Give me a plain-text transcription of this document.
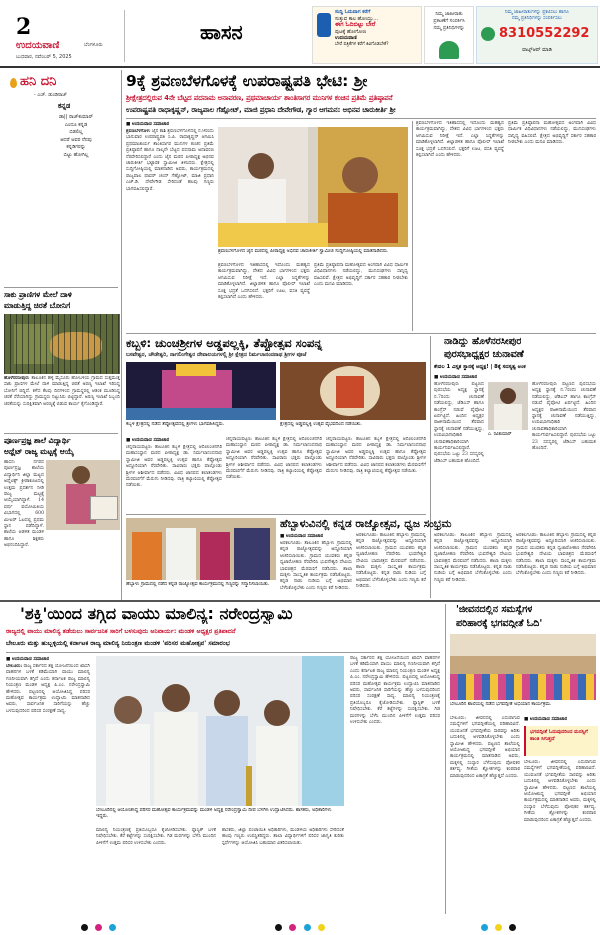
2
ಉದಯವಾಣಿ	ಬೆಂಗಳೂರು
ಬುಧವಾರ, ನವೆಂಬರ್ 5, 2025
ಹಾಸನ
ಸುದ್ದಿ ಓದುವಾಗ ಕರೆಗೆ
ಸುತ್ತುವ ಕಾಲ ಹೋಯ್ತು...
ಈಗ ಓದಿಬಿಟ್ಟು ಬೇರೆ
ಪುಟಕ್ಕೆ ಹೋಗೋಣ
ಉದಯವಾಣಿ
ಬೇರೆ ಪತ್ರಿಕೆಗಳ ಕರೆಗೆ ಕಿವಿಗೊಡಬೇಕೆ?
ನಿಮ್ಮ ಜಾಹೀರಾತು
ಪ್ರಕಟಣೆಗೆ ಸಂಪರ್ಕಿಸಿ
ನಮ್ಮ ಪ್ರತಿನಿಧಿಗಳನ್ನು
ನಿಮ್ಮ ಜಾಹೀರಾತುಗಳನ್ನು ಪ್ರಕಟಿಸಲು ಹಾಗೂ
ನಮ್ಮ ಪ್ರತಿನಿಧಿಗಳನ್ನು ಸಂಪರ್ಕಿಸಲು
8310552292
ವಾಟ್ಸ್ಆಪ್ ಮಾಡಿ
ಹನಿ ದನಿ
- ಎಚ್. ಡುಂಡಿರಾಜ್
ಕನ್ನಡ
ಡಾ|| ರಾಜ್‌ಕುಮಾರ್
ಎಂದೂ ಕನ್ನಡ
ಬಿಡಲಿಲ್ಲ
ಆದರೆ ಅವರ ನೆನಪು
ಕನ್ನಡಿಗರನ್ನು
ಬಿಟ್ಟು ಹೋಗಿಲ್ಲ
ಸಾಕು ಪ್ರಾಣಿಗಳ ಮೇಲೆ ದಾಳಿ
ಮಾಡುತ್ತಿದ್ದ ಚಿರತೆ ಬೋನಿಗೆ
ಹೊಳೆನರಸೀಪುರ: ತಾಲೂಕಿನ ಹಳ್ಳಿ ಮೈಸೂರು ಹೋಬಳಿಯ ಗ್ರಾಮದ ಸುತ್ತಮುತ್ತ ಸಾಕು ಪ್ರಾಣಿಗಳ ಮೇಲೆ ದಾಳಿ ಮಾಡುತ್ತಿದ್ದ ಚಿರತೆ ಅರಣ್ಯ ಇಲಾಖೆ ಇರಿಸಿದ್ದ ಬೋನಿಗೆ ಬಿದ್ದಿದೆ. ಕಳೆದ ಕೆಲವು ದಿನಗಳಿಂದ ಗ್ರಾಮಸ್ಥರಲ್ಲಿ ಆತಂಕ ಮೂಡಿಸಿದ್ದ ಚಿರತೆ ಸೆರೆಯಾಗಿದ್ದು ಗ್ರಾಮಸ್ಥರು ನಿಟ್ಟುಸಿರು ಬಿಟ್ಟಿದ್ದಾರೆ. ಅರಣ್ಯ ಇಲಾಖೆ ಸಿಬ್ಬಂದಿ ಚಿರತೆಯನ್ನು ಸುರಕ್ಷಿತವಾಗಿ ಅರಣ್ಯಕ್ಕೆ ಬಿಡುವ ಕಾರ್ಯ ಕೈಗೊಂಡಿದ್ದಾರೆ.
ಪೂರ್ಣಪ್ರಜ್ಞ ಶಾಲೆ ವಿದ್ಯಾರ್ಥಿ
ಅಥ್ಲೆಟ್ ರಾಜ್ಯ ಮಟ್ಟಕ್ಕೆ ಆಯ್ಕೆ
ಹಾಸನ: ನಗರದ ಪೂರ್ಣಪ್ರಜ್ಞ ಶಾಲೆಯ ವಿದ್ಯಾರ್ಥಿನಿ ಜಿಲ್ಲಾ ಮಟ್ಟದ ಅಥ್ಲೆಟಿಕ್ಸ್ ಕ್ರೀಡಾಕೂಟದಲ್ಲಿ ಉತ್ತಮ ಪ್ರದರ್ಶನ ನೀಡಿ ರಾಜ್ಯ ಮಟ್ಟಕ್ಕೆ ಆಯ್ಕೆಯಾಗಿದ್ದಾಳೆ. 14 ವರ್ಷ ವಯೋಮಿತಿಯ ವಿಭಾಗದಲ್ಲಿ 600 ಮೀಟರ್ ಓಟದಲ್ಲಿ ಪ್ರಥಮ ಸ್ಥಾನ ಪಡೆದಿದ್ದಾಳೆ. ಶಾಲೆಯ ಆಡಳಿತ ಮಂಡಳಿ ಹಾಗೂ ಶಿಕ್ಷಕರು ಅಭಿನಂದಿಸಿದ್ದಾರೆ.
9ಕ್ಕೆ ಶ್ರವಣಬೆಳಗೊಳಕ್ಕೆ ಉಪರಾಷ್ಟ್ರಪತಿ ಭೇಟಿ: ಶ್ರೀ
ಶ್ರೀಕ್ಷೇತ್ರದಲ್ಲಿರುವ 4ನೇ ಬೆಟ್ಟದ ಪದನಾಮ ಅನಾವರಣ, ಪ್ರಥಮಾಚಾರ್ಯ ಶಾಂತಿಸಾಗರ ಮುನಿಗಳ ಕಂಚಿನ ಪ್ರತಿಮೆ ಪ್ರತಿಷ್ಠಾಪನೆ
ಉಪರಾಷ್ಟ್ರಪತಿ ರಾಧಾಕೃಷ್ಣನ್, ರಾಜ್ಯಪಾಲ ಗೆಹ್ಲೋಟ್, ಮಾಜಿ ಪ್ರಧಾನಿ ದೇವೇಗೌಡ, ಗ್ಯಾರ ಆಗಮನ: ಅಭಿನವ ಚಾರುಕೀರ್ತಿ ಶ್ರೀ
■ ಉದಯವಾಣಿ ಸಮಾಚಾರ
ಶ್ರವಣಬೆಳಗೊಳ: ಜೈನ ಕಾಶಿ ಶ್ರವಣಬೆಳಗೊಳದಲ್ಲಿ ನ.9ರಂದು ಭಾನುವಾರ ಉಪರಾಷ್ಟ್ರಪತಿ ಸಿ.ಪಿ. ರಾಧಾಕೃಷ್ಣನ್ ಆಗಮಿಸಿ ಪ್ರಥಮಾಚಾರ್ಯ ಶಾಂತಿಸಾಗರ ಮುನಿಗಳ ಕಂಚಿನ ಪ್ರತಿಮೆ ಪ್ರತಿಷ್ಠಾಪನೆ ಹಾಗೂ ನಾಲ್ಕನೇ ಬೆಟ್ಟದ ಪದನಾಮ ಅನಾವರಣ ನೆರವೇರಿಸಲಿದ್ದಾರೆ ಎಂದು ಜೈನ ಮಠದ ಪೀಠಾಧ್ಯಕ್ಷ ಅಭಿನವ ಚಾರುಕೀರ್ತಿ ಭಟ್ಟಾರಕ ಸ್ವಾಮೀಜಿ ತಿಳಿಸಿದರು. ಕ್ಷೇತ್ರದಲ್ಲಿ ಸುದ್ದಿಗೋಷ್ಠಿಯಲ್ಲಿ ಮಾತನಾಡಿದ ಅವರು, ಕಾರ್ಯಕ್ರಮದಲ್ಲಿ ರಾಜ್ಯಪಾಲ ಥಾವರ್ ಚಂದ್ ಗೆಹ್ಲೋಟ್, ಮಾಜಿ ಪ್ರಧಾನಿ ಎಚ್.ಡಿ. ದೇವೇಗೌಡ ಸೇರಿದಂತೆ ಹಲವು ಗಣ್ಯರು ಭಾಗವಹಿಸಲಿದ್ದಾರೆ.
ಶ್ರವಣಬೆಳಗೊಳದ ಜೈನ ಮಠದಲ್ಲಿ ಪೀಠಾಧ್ಯಕ್ಷ ಅಭಿನವ ಚಾರುಕೀರ್ತಿ ಸ್ವಾಮೀಜಿ ಸುದ್ದಿಗೋಷ್ಠಿಯಲ್ಲಿ ಮಾತನಾಡಿದರು.
ಶ್ರವಣಬೆಳಗೊಳದ ಇತಿಹಾಸದಲ್ಲಿ ಇದೊಂದು ಮಹತ್ವದ ಕಾರ್ಯಕ್ರಮವಾಗಿದ್ದು, ದೇಶದ ವಿವಿಧ ಭಾಗಗಳಿಂದ ಭಕ್ತರು ಆಗಮಿಸುವ ನಿರೀಕ್ಷೆ ಇದೆ. ಎಲ್ಲಾ ಸಿದ್ಧತೆಗಳನ್ನು ಮಾಡಿಕೊಳ್ಳಲಾಗಿದೆ. ಜಿಲ್ಲಾಡಳಿತ ಹಾಗೂ ಪೊಲೀಸ್ ಇಲಾಖೆ ಸೂಕ್ತ ಭದ್ರತೆ ಒದಗಿಸಲಿದೆ. ಭಕ್ತರಿಗೆ ಊಟ, ವಸತಿ ವ್ಯವಸ್ಥೆ ಕಲ್ಪಿಸಲಾಗಿದೆ ಎಂದು ಹೇಳಿದರು.
ಪ್ರತಿಮೆ ಪ್ರತಿಷ್ಠಾಪನಾ ಮಹೋತ್ಸವದ ಅಂಗವಾಗಿ ವಿವಿಧ ಧಾರ್ಮಿಕ ವಿಧಿವಿಧಾನಗಳು ನಡೆಯಲಿದ್ದು, ಮುನಿಸಂಘಗಳು ಸಾನ್ನಿಧ್ಯ ವಹಿಸಲಿವೆ. ಕ್ಷೇತ್ರದ ಅಭಿವೃದ್ಧಿಗೆ ಸರ್ಕಾರ ಸಹಕಾರ ನೀಡಬೇಕು ಎಂದು ಮನವಿ ಮಾಡಿದರು.
ಶ್ರವಣಬೆಳಗೊಳದ ಇತಿಹಾಸದಲ್ಲಿ ಇದೊಂದು ಮಹತ್ವದ ಕಾರ್ಯಕ್ರಮವಾಗಿದ್ದು, ದೇಶದ ವಿವಿಧ ಭಾಗಗಳಿಂದ ಭಕ್ತರು ಆಗಮಿಸುವ ನಿರೀಕ್ಷೆ ಇದೆ. ಎಲ್ಲಾ ಸಿದ್ಧತೆಗಳನ್ನು ಮಾಡಿಕೊಳ್ಳಲಾಗಿದೆ. ಜಿಲ್ಲಾಡಳಿತ ಹಾಗೂ ಪೊಲೀಸ್ ಇಲಾಖೆ ಸೂಕ್ತ ಭದ್ರತೆ ಒದಗಿಸಲಿದೆ. ಭಕ್ತರಿಗೆ ಊಟ, ವಸತಿ ವ್ಯವಸ್ಥೆ ಕಲ್ಪಿಸಲಾಗಿದೆ ಎಂದು ಹೇಳಿದರು.
ಪ್ರತಿಮೆ ಪ್ರತಿಷ್ಠಾಪನಾ ಮಹೋತ್ಸವದ ಅಂಗವಾಗಿ ವಿವಿಧ ಧಾರ್ಮಿಕ ವಿಧಿವಿಧಾನಗಳು ನಡೆಯಲಿದ್ದು, ಮುನಿಸಂಘಗಳು ಸಾನ್ನಿಧ್ಯ ವಹಿಸಲಿವೆ. ಕ್ಷೇತ್ರದ ಅಭಿವೃದ್ಧಿಗೆ ಸರ್ಕಾರ ಸಹಕಾರ ನೀಡಬೇಕು ಎಂದು ಮನವಿ ಮಾಡಿದರು.
ಕಬ್ಬಳಿ: ಚುಂಚಶ್ರೀಗಳ ಅಡ್ಡಪಲ್ಲಕ್ಕಿ, ತೆಪ್ಪೋತ್ಸವ ಸಂಪನ್ನ
ಬಸವೇಶ್ವರ, ಚೌಡೇಶ್ವರಿ, ನಾಗಲಿಂಗೇಶ್ವರ ದೇವಾಲಯಗಳಲ್ಲಿ ಶ್ರೀ ಕ್ಷೇತ್ರದ ನಿರ್ಮಲಾನಂದನಾಥ ಶ್ರೀಗಳ ಪೂಜೆ
ಕಬ್ಬಳಿ ಕ್ಷೇತ್ರದಲ್ಲಿ ನಡೆದ ತೆಪ್ಪೋತ್ಸವದಲ್ಲಿ ಶ್ರೀಗಳು ಭಾಗವಹಿಸಿದ್ದರು.	ಕ್ಷೇತ್ರದಲ್ಲಿ ಅಡ್ಡಪಲ್ಲಕ್ಕಿ ಉತ್ಸವ ವೈಭವದಿಂದ ನಡೆಯಿತು.
■ ಉದಯವಾಣಿ ಸಮಾಚಾರ
ಚನ್ನರಾಯಪಟ್ಟಣ: ತಾಲೂಕಿನ ಕಬ್ಬಳಿ ಕ್ಷೇತ್ರದಲ್ಲಿ ಆದಿಚುಂಚನಗಿರಿ ಮಹಾಸಂಸ್ಥಾನ ಮಠದ ಪೀಠಾಧ್ಯಕ್ಷ ಡಾ. ನಿರ್ಮಲಾನಂದನಾಥ ಸ್ವಾಮೀಜಿ ಅವರ ಅಡ್ಡಪಲ್ಲಕ್ಕಿ ಉತ್ಸವ ಹಾಗೂ ತೆಪ್ಪೋತ್ಸವ ಅದ್ಧೂರಿಯಾಗಿ ನೆರವೇರಿತು. ಸಾವಿರಾರು ಭಕ್ತರು ಪಾಲ್ಗೊಂಡು ಶ್ರೀಗಳ ಆಶೀರ್ವಾದ ಪಡೆದರು. ವಿವಿಧ ಜಾನಪದ ಕಲಾತಂಡಗಳು ಮೆರವಣಿಗೆಗೆ ಮೆರುಗು ನೀಡಿದವು. ರಾತ್ರಿ ಕಲ್ಯಾಣಿಯಲ್ಲಿ ತೆಪ್ಪೋತ್ಸವ ನಡೆಯಿತು.
ಚನ್ನರಾಯಪಟ್ಟಣ: ತಾಲೂಕಿನ ಕಬ್ಬಳಿ ಕ್ಷೇತ್ರದಲ್ಲಿ ಆದಿಚುಂಚನಗಿರಿ ಮಹಾಸಂಸ್ಥಾನ ಮಠದ ಪೀಠಾಧ್ಯಕ್ಷ ಡಾ. ನಿರ್ಮಲಾನಂದನಾಥ ಸ್ವಾಮೀಜಿ ಅವರ ಅಡ್ಡಪಲ್ಲಕ್ಕಿ ಉತ್ಸವ ಹಾಗೂ ತೆಪ್ಪೋತ್ಸವ ಅದ್ಧೂರಿಯಾಗಿ ನೆರವೇರಿತು. ಸಾವಿರಾರು ಭಕ್ತರು ಪಾಲ್ಗೊಂಡು ಶ್ರೀಗಳ ಆಶೀರ್ವಾದ ಪಡೆದರು. ವಿವಿಧ ಜಾನಪದ ಕಲಾತಂಡಗಳು ಮೆರವಣಿಗೆಗೆ ಮೆರುಗು ನೀಡಿದವು. ರಾತ್ರಿ ಕಲ್ಯಾಣಿಯಲ್ಲಿ ತೆಪ್ಪೋತ್ಸವ ನಡೆಯಿತು.
ಚನ್ನರಾಯಪಟ್ಟಣ: ತಾಲೂಕಿನ ಕಬ್ಬಳಿ ಕ್ಷೇತ್ರದಲ್ಲಿ ಆದಿಚುಂಚನಗಿರಿ ಮಹಾಸಂಸ್ಥಾನ ಮಠದ ಪೀಠಾಧ್ಯಕ್ಷ ಡಾ. ನಿರ್ಮಲಾನಂದನಾಥ ಸ್ವಾಮೀಜಿ ಅವರ ಅಡ್ಡಪಲ್ಲಕ್ಕಿ ಉತ್ಸವ ಹಾಗೂ ತೆಪ್ಪೋತ್ಸವ ಅದ್ಧೂರಿಯಾಗಿ ನೆರವೇರಿತು. ಸಾವಿರಾರು ಭಕ್ತರು ಪಾಲ್ಗೊಂಡು ಶ್ರೀಗಳ ಆಶೀರ್ವಾದ ಪಡೆದರು. ವಿವಿಧ ಜಾನಪದ ಕಲಾತಂಡಗಳು ಮೆರವಣಿಗೆಗೆ ಮೆರುಗು ನೀಡಿದವು. ರಾತ್ರಿ ಕಲ್ಯಾಣಿಯಲ್ಲಿ ತೆಪ್ಪೋತ್ಸವ ನಡೆಯಿತು.
ನಾಡಿದ್ದು ಹೊಳೆನರಸೀಪುರ
ಪುರಸಭಾಧ್ಯಕ್ಷರ ಚುನಾವಣೆ
ಕೇವಲ 1 ವಿಸ್ತೃತ ಸ್ಥಾನಕ್ಕೆ ಅಧ್ಯಕ್ಷ! | 8ಕ್ಕೆ ಸದಸ್ಯತ್ವ ಅಂಕ
■ ಉದಯವಾಣಿ ಸಮಾಚಾರ
ಹೊಳೆನರಸೀಪುರ: ಪಟ್ಟಣದ ಪುರಸಭೆಯ ಅಧ್ಯಕ್ಷ ಸ್ಥಾನಕ್ಕೆ ನ.7ರಂದು ಚುನಾವಣೆ ನಡೆಯಲಿದ್ದು, ಜೆಡಿಎಸ್ ಹಾಗೂ ಕಾಂಗ್ರೆಸ್ ನಡುವೆ ಪೈಪೋಟಿ ಏರ್ಪಟ್ಟಿದೆ. ಹಿಂದಿನ ಅಧ್ಯಕ್ಷರ ರಾಜೀನಾಮೆಯಿಂದ ತೆರವಾದ ಸ್ಥಾನಕ್ಕೆ ಚುನಾವಣೆ ನಡೆಯುತ್ತಿದ್ದು, ಉಪವಿಭಾಗಾಧಿಕಾರಿ ಚುನಾವಣಾಧಿಕಾರಿಯಾಗಿ ಕಾರ್ಯನಿರ್ವಹಿಸಲಿದ್ದಾರೆ. ಪುರಸಭೆಯ ಒಟ್ಟು 23 ಸದಸ್ಯರಲ್ಲಿ ಜೆಡಿಎಸ್ ಬಹುಮತ ಹೊಂದಿದೆ.
ಎ. ರವಿಕುಮಾರ್
ಹೊಳೆನರಸೀಪುರ: ಪಟ್ಟಣದ ಪುರಸಭೆಯ ಅಧ್ಯಕ್ಷ ಸ್ಥಾನಕ್ಕೆ ನ.7ರಂದು ಚುನಾವಣೆ ನಡೆಯಲಿದ್ದು, ಜೆಡಿಎಸ್ ಹಾಗೂ ಕಾಂಗ್ರೆಸ್ ನಡುವೆ ಪೈಪೋಟಿ ಏರ್ಪಟ್ಟಿದೆ. ಹಿಂದಿನ ಅಧ್ಯಕ್ಷರ ರಾಜೀನಾಮೆಯಿಂದ ತೆರವಾದ ಸ್ಥಾನಕ್ಕೆ ಚುನಾವಣೆ ನಡೆಯುತ್ತಿದ್ದು, ಉಪವಿಭಾಗಾಧಿಕಾರಿ ಚುನಾವಣಾಧಿಕಾರಿಯಾಗಿ ಕಾರ್ಯನಿರ್ವಹಿಸಲಿದ್ದಾರೆ. ಪುರಸಭೆಯ ಒಟ್ಟು 23 ಸದಸ್ಯರಲ್ಲಿ ಜೆಡಿಎಸ್ ಬಹುಮತ ಹೊಂದಿದೆ.
ಹೆಬ್ಬಾಳುವಿನಲ್ಲಿ ಕನ್ನಡ ರಾಜ್ಯೋತ್ಸವ, ಧ್ವಜ ಸಂಭ್ರಮ
ಹೆಬ್ಬಾಳು ಗ್ರಾಮದಲ್ಲಿ ನಡೆದ ಕನ್ನಡ ರಾಜ್ಯೋತ್ಸವ ಕಾರ್ಯಕ್ರಮದಲ್ಲಿ ಗಣ್ಯರನ್ನು ಸನ್ಮಾನಿಸಲಾಯಿತು.
■ ಉದಯವಾಣಿ ಸಮಾಚಾರ
ಅರಕಲಗೂಡು: ತಾಲೂಕಿನ ಹೆಬ್ಬಾಳು ಗ್ರಾಮದಲ್ಲಿ ಕನ್ನಡ ರಾಜ್ಯೋತ್ಸವವನ್ನು ಅದ್ಧೂರಿಯಾಗಿ ಆಚರಿಸಲಾಯಿತು. ಗ್ರಾಮದ ಯುವಕರು ಕನ್ನಡ ಧ್ವಜಾರೋಹಣ ನೆರವೇರಿಸಿ ಭುವನೇಶ್ವರಿ ದೇವಿಯ ಭಾವಚಿತ್ರದ ಮೆರವಣಿಗೆ ನಡೆಸಿದರು. ಶಾಲಾ ಮಕ್ಕಳು ಸಾಂಸ್ಕೃತಿಕ ಕಾರ್ಯಕ್ರಮ ನಡೆಸಿಕೊಟ್ಟರು. ಕನ್ನಡ ನಾಡು ನುಡಿಯ ಬಗ್ಗೆ ಅಭಿಮಾನ ಬೆಳೆಸಿಕೊಳ್ಳಬೇಕು ಎಂದು ಗಣ್ಯರು ಕರೆ ನೀಡಿದರು.
ಅರಕಲಗೂಡು: ತಾಲೂಕಿನ ಹೆಬ್ಬಾಳು ಗ್ರಾಮದಲ್ಲಿ ಕನ್ನಡ ರಾಜ್ಯೋತ್ಸವವನ್ನು ಅದ್ಧೂರಿಯಾಗಿ ಆಚರಿಸಲಾಯಿತು. ಗ್ರಾಮದ ಯುವಕರು ಕನ್ನಡ ಧ್ವಜಾರೋಹಣ ನೆರವೇರಿಸಿ ಭುವನೇಶ್ವರಿ ದೇವಿಯ ಭಾವಚಿತ್ರದ ಮೆರವಣಿಗೆ ನಡೆಸಿದರು. ಶಾಲಾ ಮಕ್ಕಳು ಸಾಂಸ್ಕೃತಿಕ ಕಾರ್ಯಕ್ರಮ ನಡೆಸಿಕೊಟ್ಟರು. ಕನ್ನಡ ನಾಡು ನುಡಿಯ ಬಗ್ಗೆ ಅಭಿಮಾನ ಬೆಳೆಸಿಕೊಳ್ಳಬೇಕು ಎಂದು ಗಣ್ಯರು ಕರೆ ನೀಡಿದರು.
ಅರಕಲಗೂಡು: ತಾಲೂಕಿನ ಹೆಬ್ಬಾಳು ಗ್ರಾಮದಲ್ಲಿ ಕನ್ನಡ ರಾಜ್ಯೋತ್ಸವವನ್ನು ಅದ್ಧೂರಿಯಾಗಿ ಆಚರಿಸಲಾಯಿತು. ಗ್ರಾಮದ ಯುವಕರು ಕನ್ನಡ ಧ್ವಜಾರೋಹಣ ನೆರವೇರಿಸಿ ಭುವನೇಶ್ವರಿ ದೇವಿಯ ಭಾವಚಿತ್ರದ ಮೆರವಣಿಗೆ ನಡೆಸಿದರು. ಶಾಲಾ ಮಕ್ಕಳು ಸಾಂಸ್ಕೃತಿಕ ಕಾರ್ಯಕ್ರಮ ನಡೆಸಿಕೊಟ್ಟರು. ಕನ್ನಡ ನಾಡು ನುಡಿಯ ಬಗ್ಗೆ ಅಭಿಮಾನ ಬೆಳೆಸಿಕೊಳ್ಳಬೇಕು ಎಂದು ಗಣ್ಯರು ಕರೆ ನೀಡಿದರು.
ಅರಕಲಗೂಡು: ತಾಲೂಕಿನ ಹೆಬ್ಬಾಳು ಗ್ರಾಮದಲ್ಲಿ ಕನ್ನಡ ರಾಜ್ಯೋತ್ಸವವನ್ನು ಅದ್ಧೂರಿಯಾಗಿ ಆಚರಿಸಲಾಯಿತು. ಗ್ರಾಮದ ಯುವಕರು ಕನ್ನಡ ಧ್ವಜಾರೋಹಣ ನೆರವೇರಿಸಿ ಭುವನೇಶ್ವರಿ ದೇವಿಯ ಭಾವಚಿತ್ರದ ಮೆರವಣಿಗೆ ನಡೆಸಿದರು. ಶಾಲಾ ಮಕ್ಕಳು ಸಾಂಸ್ಕೃತಿಕ ಕಾರ್ಯಕ್ರಮ ನಡೆಸಿಕೊಟ್ಟರು. ಕನ್ನಡ ನಾಡು ನುಡಿಯ ಬಗ್ಗೆ ಅಭಿಮಾನ ಬೆಳೆಸಿಕೊಳ್ಳಬೇಕು ಎಂದು ಗಣ್ಯರು ಕರೆ ನೀಡಿದರು.
'ಶಕ್ತಿ'ಯಿಂದ ತಗ್ಗಿದ ವಾಯು ಮಾಲಿನ್ಯ: ನರೇಂದ್ರಸ್ವಾಮಿ
ರಾಜ್ಯದಲ್ಲಿ ವಾಯು ಮಾಲಿನ್ಯ ತಡೆಯಲು ಸಾರ್ವಜನಿಕ ಸಾರಿಗೆ ಬಳಸುವುದು ಅನಿವಾರ್ಯ: ಮಂಡಳಿ ಅಧ್ಯಕ್ಷರ ಪ್ರತಿಪಾದನೆ
ಬೇಲೂರು ಮತ್ತು ಹುಬ್ಬಳ್ಳಿಯಲ್ಲಿ ಕರ್ನಾಟಕ ರಾಜ್ಯ ಮಾಲಿನ್ಯ ನಿಯಂತ್ರಣ ಮಂಡಳಿ 'ಪರಿಸರ ಮಹೋತ್ಸವ' ಸಮಾರಂಭ
■ ಉದಯವಾಣಿ ಸಮಾಚಾರ
ಬೇಲೂರು: ರಾಜ್ಯ ಸರ್ಕಾರದ ಶಕ್ತಿ ಯೋಜನೆಯಿಂದ ಖಾಸಗಿ ವಾಹನಗಳ ಬಳಕೆ ಕಡಿಮೆಯಾಗಿ ವಾಯು ಮಾಲಿನ್ಯ ಗಣನೀಯವಾಗಿ ತಗ್ಗಿದೆ ಎಂದು ಕರ್ನಾಟಕ ರಾಜ್ಯ ಮಾಲಿನ್ಯ ನಿಯಂತ್ರಣ ಮಂಡಳಿ ಅಧ್ಯಕ್ಷ ಪಿ.ಎಂ. ನರೇಂದ್ರಸ್ವಾಮಿ ಹೇಳಿದರು. ಪಟ್ಟಣದಲ್ಲಿ ಆಯೋಜಿಸಿದ್ದ ಪರಿಸರ ಮಹೋತ್ಸವ ಕಾರ್ಯಕ್ರಮ ಉದ್ಘಾಟಿಸಿ ಮಾತನಾಡಿದ ಅವರು, ಸಾರ್ವಜನಿಕ ಸಾರಿಗೆಯನ್ನು ಹೆಚ್ಚು ಬಳಸುವುದರಿಂದ ಪರಿಸರ ಸಂರಕ್ಷಣೆ ಸಾಧ್ಯ.
ಬೇಲೂರಿನಲ್ಲಿ ಆಯೋಜಿಸಿದ್ದ ಪರಿಸರ ಮಹೋತ್ಸವ ಕಾರ್ಯಕ್ರಮವನ್ನು ಮಂಡಳಿ ಅಧ್ಯಕ್ಷ ನರೇಂದ್ರಸ್ವಾಮಿ ದೀಪ ಬೆಳಗಿಸಿ ಉದ್ಘಾಟಿಸಿದರು. ಶಾಸಕರು, ಅಧಿಕಾರಿಗಳು ಇದ್ದರು.
ಮಾಲಿನ್ಯ ನಿಯಂತ್ರಣಕ್ಕೆ ಪ್ರತಿಯೊಬ್ಬರೂ ಕೈಜೋಡಿಸಬೇಕು. ಪ್ಲಾಸ್ಟಿಕ್ ಬಳಕೆ ನಿಷೇಧಿಸಬೇಕು. ಕೆರೆ ಕಟ್ಟೆಗಳನ್ನು ಸಂರಕ್ಷಿಸಬೇಕು. ಗಿಡ ಮರಗಳನ್ನು ಬೆಳೆಸಿ ಮುಂದಿನ ಪೀಳಿಗೆಗೆ ಉತ್ತಮ ಪರಿಸರ ಉಳಿಸಬೇಕು ಎಂದರು.
ಶಾಸಕರು, ಜಿಲ್ಲಾ ಪಂಚಾಯಿತಿ ಅಧಿಕಾರಿಗಳು, ಮಂಡಳಿಯ ಅಧಿಕಾರಿಗಳು ಸೇರಿದಂತೆ ಹಲವು ಗಣ್ಯರು ಉಪಸ್ಥಿತರಿದ್ದರು. ಶಾಲಾ ವಿದ್ಯಾರ್ಥಿಗಳಿಗೆ ಪರಿಸರ ಜಾಗೃತಿ ಕುರಿತು ಸ್ಪರ್ಧೆಗಳನ್ನು ಆಯೋಜಿಸಿ ಬಹುಮಾನ ವಿತರಿಸಲಾಯಿತು.
ರಾಜ್ಯ ಸರ್ಕಾರದ ಶಕ್ತಿ ಯೋಜನೆಯಿಂದ ಖಾಸಗಿ ವಾಹನಗಳ ಬಳಕೆ ಕಡಿಮೆಯಾಗಿ ವಾಯು ಮಾಲಿನ್ಯ ಗಣನೀಯವಾಗಿ ತಗ್ಗಿದೆ ಎಂದು ಕರ್ನಾಟಕ ರಾಜ್ಯ ಮಾಲಿನ್ಯ ನಿಯಂತ್ರಣ ಮಂಡಳಿ ಅಧ್ಯಕ್ಷ ಪಿ.ಎಂ. ನರೇಂದ್ರಸ್ವಾಮಿ ಹೇಳಿದರು. ಪಟ್ಟಣದಲ್ಲಿ ಆಯೋಜಿಸಿದ್ದ ಪರಿಸರ ಮಹೋತ್ಸವ ಕಾರ್ಯಕ್ರಮ ಉದ್ಘಾಟಿಸಿ ಮಾತನಾಡಿದ ಅವರು, ಸಾರ್ವಜನಿಕ ಸಾರಿಗೆಯನ್ನು ಹೆಚ್ಚು ಬಳಸುವುದರಿಂದ ಪರಿಸರ ಸಂರಕ್ಷಣೆ ಸಾಧ್ಯ. ಮಾಲಿನ್ಯ ನಿಯಂತ್ರಣಕ್ಕೆ ಪ್ರತಿಯೊಬ್ಬರೂ ಕೈಜೋಡಿಸಬೇಕು. ಪ್ಲಾಸ್ಟಿಕ್ ಬಳಕೆ ನಿಷೇಧಿಸಬೇಕು. ಕೆರೆ ಕಟ್ಟೆಗಳನ್ನು ಸಂರಕ್ಷಿಸಬೇಕು. ಗಿಡ ಮರಗಳನ್ನು ಬೆಳೆಸಿ ಮುಂದಿನ ಪೀಳಿಗೆಗೆ ಉತ್ತಮ ಪರಿಸರ ಉಳಿಸಬೇಕು ಎಂದರು.
'ಜೀವನದಲ್ಲಿನ ಸಮಸ್ಯೆಗಳ
ಪರಿಹಾರಕ್ಕೆ ಭಗವದ್ಗೀತೆ ಓದಿ'
ಬೇಲೂರಿನ ಶಾಲೆಯಲ್ಲಿ ನಡೆದ ಭಗವದ್ಗೀತೆ ಅಭಿಯಾನ ಕಾರ್ಯಕ್ರಮ.
ಬೇಲೂರು: ಜೀವನದಲ್ಲಿ ಎದುರಾಗುವ ಸಮಸ್ಯೆಗಳಿಗೆ ಭಗವದ್ಗೀತೆಯಲ್ಲಿ ಪರಿಹಾರವಿದೆ. ಯುವಜನತೆ ಭಗವದ್ಗೀತೆಯ ಸಾರವನ್ನು ಅರಿತು ಬದುಕಿನಲ್ಲಿ ಅಳವಡಿಸಿಕೊಳ್ಳಬೇಕು ಎಂದು ಸ್ವಾಮೀಜಿ ಹೇಳಿದರು. ಪಟ್ಟಣದ ಶಾಲೆಯಲ್ಲಿ ಆಯೋಜಿಸಿದ್ದ ಭಗವದ್ಗೀತೆ ಅಭಿಯಾನ ಕಾರ್ಯಕ್ರಮದಲ್ಲಿ ಮಾತನಾಡಿದ ಅವರು, ಮಕ್ಕಳಲ್ಲಿ ಸಂಸ್ಕಾರ ಬೆಳೆಸುವುದು ಪೋಷಕರ ಕರ್ತವ್ಯ. ಗೀತೆಯ ಶ್ಲೋಕಗಳನ್ನು ಕಂಠಪಾಠ ಮಾಡುವುದರಿಂದ ಏಕಾಗ್ರತೆ ಹೆಚ್ಚುತ್ತದೆ ಎಂದರು.
■ ಉದಯವಾಣಿ ಸಮಾಚಾರ
ಭಗವದ್ಗೀತೆ ಓದುವುದರಿಂದ ಮನಸ್ಸಿಗೆ ಶಾಂತಿ ಸಿಗುತ್ತದೆ
ಬೇಲೂರು: ಜೀವನದಲ್ಲಿ ಎದುರಾಗುವ ಸಮಸ್ಯೆಗಳಿಗೆ ಭಗವದ್ಗೀತೆಯಲ್ಲಿ ಪರಿಹಾರವಿದೆ. ಯುವಜನತೆ ಭಗವದ್ಗೀತೆಯ ಸಾರವನ್ನು ಅರಿತು ಬದುಕಿನಲ್ಲಿ ಅಳವಡಿಸಿಕೊಳ್ಳಬೇಕು ಎಂದು ಸ್ವಾಮೀಜಿ ಹೇಳಿದರು. ಪಟ್ಟಣದ ಶಾಲೆಯಲ್ಲಿ ಆಯೋಜಿಸಿದ್ದ ಭಗವದ್ಗೀತೆ ಅಭಿಯಾನ ಕಾರ್ಯಕ್ರಮದಲ್ಲಿ ಮಾತನಾಡಿದ ಅವರು, ಮಕ್ಕಳಲ್ಲಿ ಸಂಸ್ಕಾರ ಬೆಳೆಸುವುದು ಪೋಷಕರ ಕರ್ತವ್ಯ. ಗೀತೆಯ ಶ್ಲೋಕಗಳನ್ನು ಕಂಠಪಾಠ ಮಾಡುವುದರಿಂದ ಏಕಾಗ್ರತೆ ಹೆಚ್ಚುತ್ತದೆ ಎಂದರು.
